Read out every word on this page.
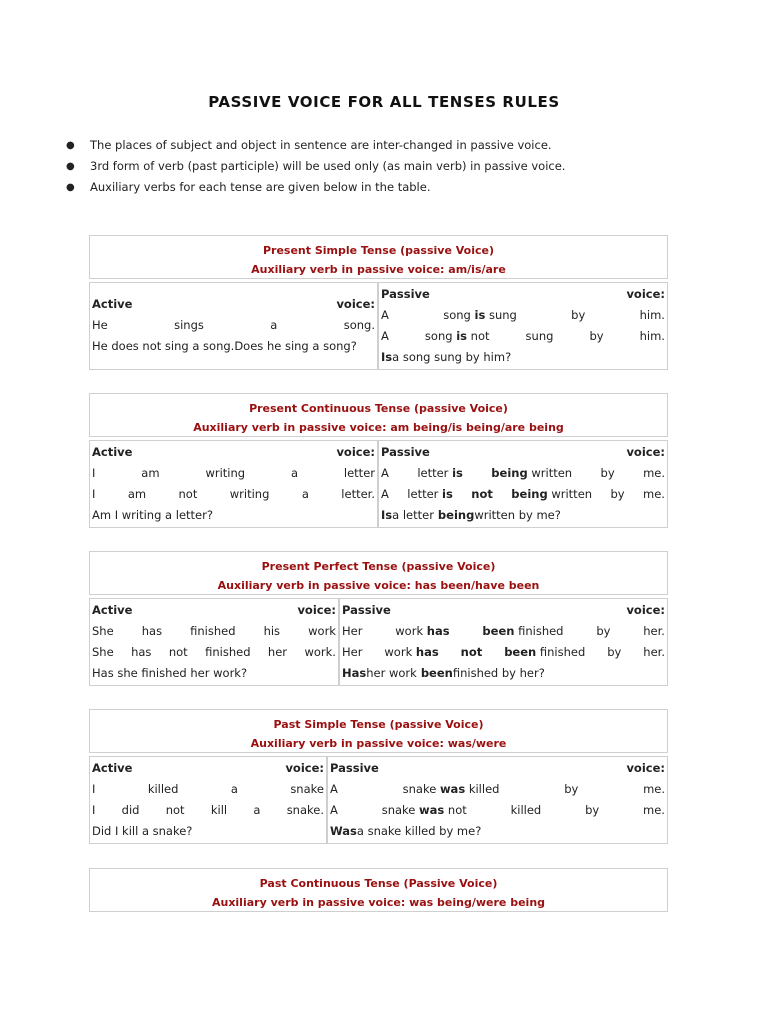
PASSIVE VOICE FOR ALL TENSES RULES
● The places of subject and object in sentence are inter-changed in passive voice.
● 3rd form of verb (past participle) will be used only (as main verb) in passive voice.
● Auxiliary verbs for each tense are given below in the table.
Present Simple Tense (passive Voice)
Auxiliary verb in passive voice: am/is/are
Active	voice:
He	sings	a	song.
He does not sing a song.Does he sing a song?
Passive	voice:
A	song is sung	by	him.
A	song is not	sung	by	him.
Is a song sung by him?
Present Continuous Tense (passive Voice)
Auxiliary verb in passive voice: am being/is being/are being
Active	voice:
I	am	writing	a	letter
I	am	not	writing	a	letter.
Am I writing a letter?
Passive	voice:
A letter is being written by me.
A letter is not being written by me.
Is a letter being written by me?
Present Perfect Tense (passive Voice)
Auxiliary verb in passive voice: has been/have been
Active	voice:
She has finished his work
She has not finished her work.
Has she finished her work?
Passive	voice:
Her	work has	been finished	by	her.
Her work has not been finished by her.
Has her work been finished by her?
Past Simple Tense (passive Voice)
Auxiliary verb in passive voice: was/were
Active	voice:
I	killed	a	snake
I did not kill a snake.
Did I kill a snake?
Passive	voice:
A	snake was killed	by	me.
A	snake was not	killed	by	me.
Was a snake killed by me?
Past Continuous Tense (Passive Voice)
Auxiliary verb in passive voice: was being/were being
